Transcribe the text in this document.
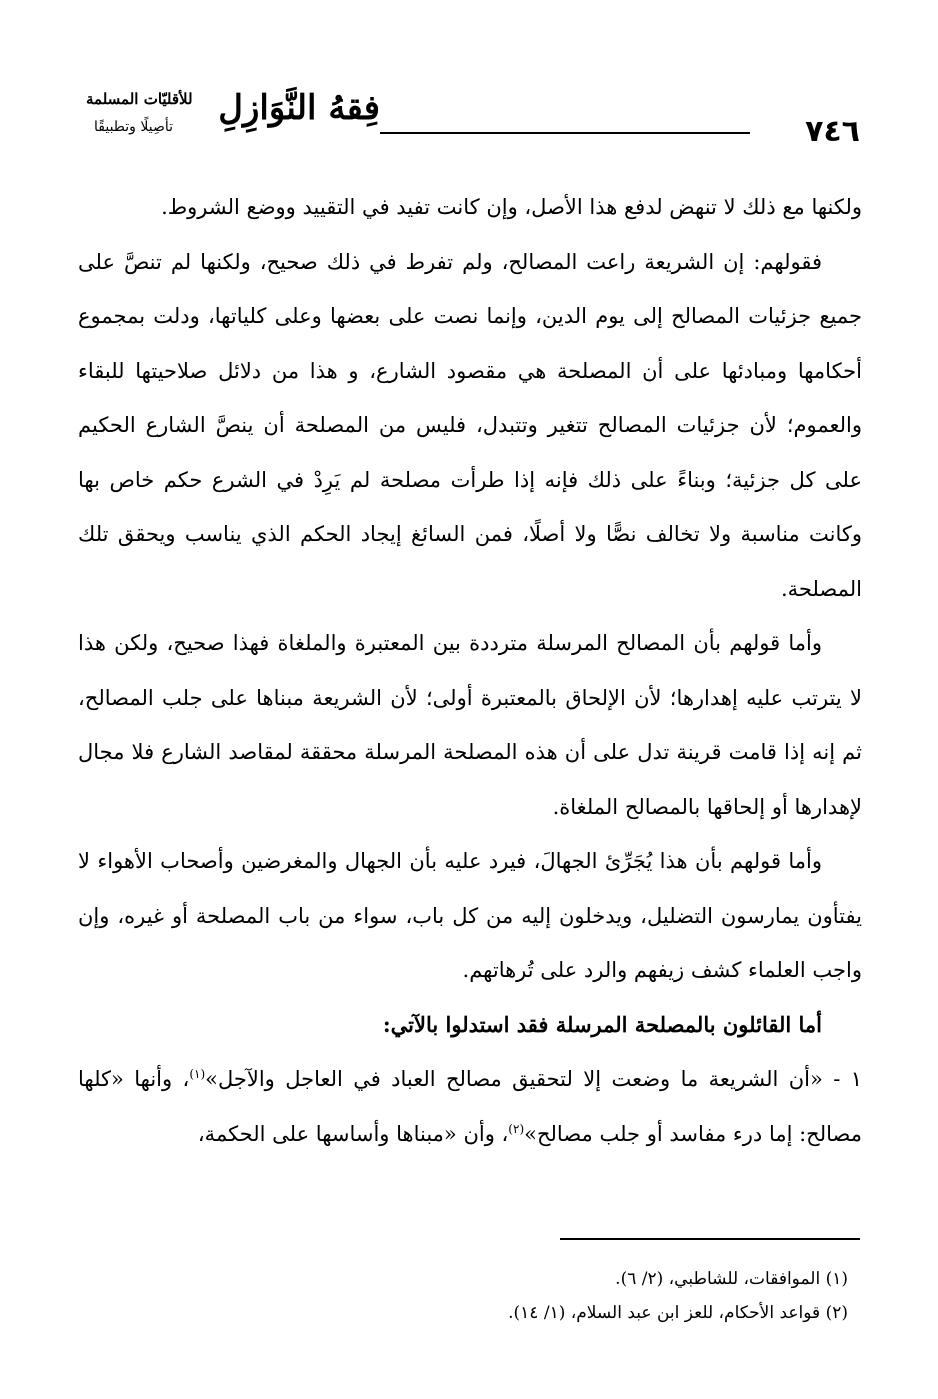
فِقهُ النَّوَازِلِ
للأقليّات المسلمة
تأصِيلًا وتطبيقًا	٧٤٦

ولكنها مع ذلك لا تنهض لدفع هذا الأصل، وإن كانت تفيد في التقييد ووضع الشروط.

فقولهم: إن الشريعة راعت المصالح، ولم تفرط في ذلك صحيح، ولكنها لم تنصَّ على جميع جزئيات المصالح إلى يوم الدين، وإنما نصت على بعضها وعلى كلياتها، ودلت بمجموع أحكامها ومبادئها على أن المصلحة هي مقصود الشارع، و هذا من دلائل صلاحيتها للبقاء والعموم؛ لأن جزئيات المصالح تتغير وتتبدل، فليس من المصلحة أن ينصَّ الشارع الحكيم على كل جزئية؛ وبناءً على ذلك فإنه إذا طرأت مصلحة لم يَرِدْ في الشرع حكم خاص بها وكانت مناسبة ولا تخالف نصًّا ولا أصلًا، فمن السائغ إيجاد الحكم الذي يناسب ويحقق تلك المصلحة.

وأما قولهم بأن المصالح المرسلة مترددة بين المعتبرة والملغاة فهذا صحيح، ولكن هذا لا يترتب عليه إهدارها؛ لأن الإلحاق بالمعتبرة أولى؛ لأن الشريعة مبناها على جلب المصالح، ثم إنه إذا قامت قرينة تدل على أن هذه المصلحة المرسلة محققة لمقاصد الشارع فلا مجال لإهدارها أو إلحاقها بالمصالح الملغاة.

وأما قولهم بأن هذا يُجَرِّئ الجهالَ، فيرد عليه بأن الجهال والمغرضين وأصحاب الأهواء لا يفتأون يمارسون التضليل، ويدخلون إليه من كل باب، سواء من باب المصلحة أو غيره، وإن واجب العلماء كشف زيفهم والرد على تُرهاتهم.

أما القائلون بالمصلحة المرسلة فقد استدلوا بالآتي:

١ - «أن الشريعة ما وضعت إلا لتحقيق مصالح العباد في العاجل والآجل»$^{(١)}$، وأنها «كلها مصالح: إما درء مفاسد أو جلب مصالح»$^{(٢)}$، وأن «مبناها وأساسها على الحكمة،

(١) الموافقات، للشاطبي، (٢/ ٦).

(٢) قواعد الأحكام، للعز ابن عبد السلام، (١/ ١٤).
